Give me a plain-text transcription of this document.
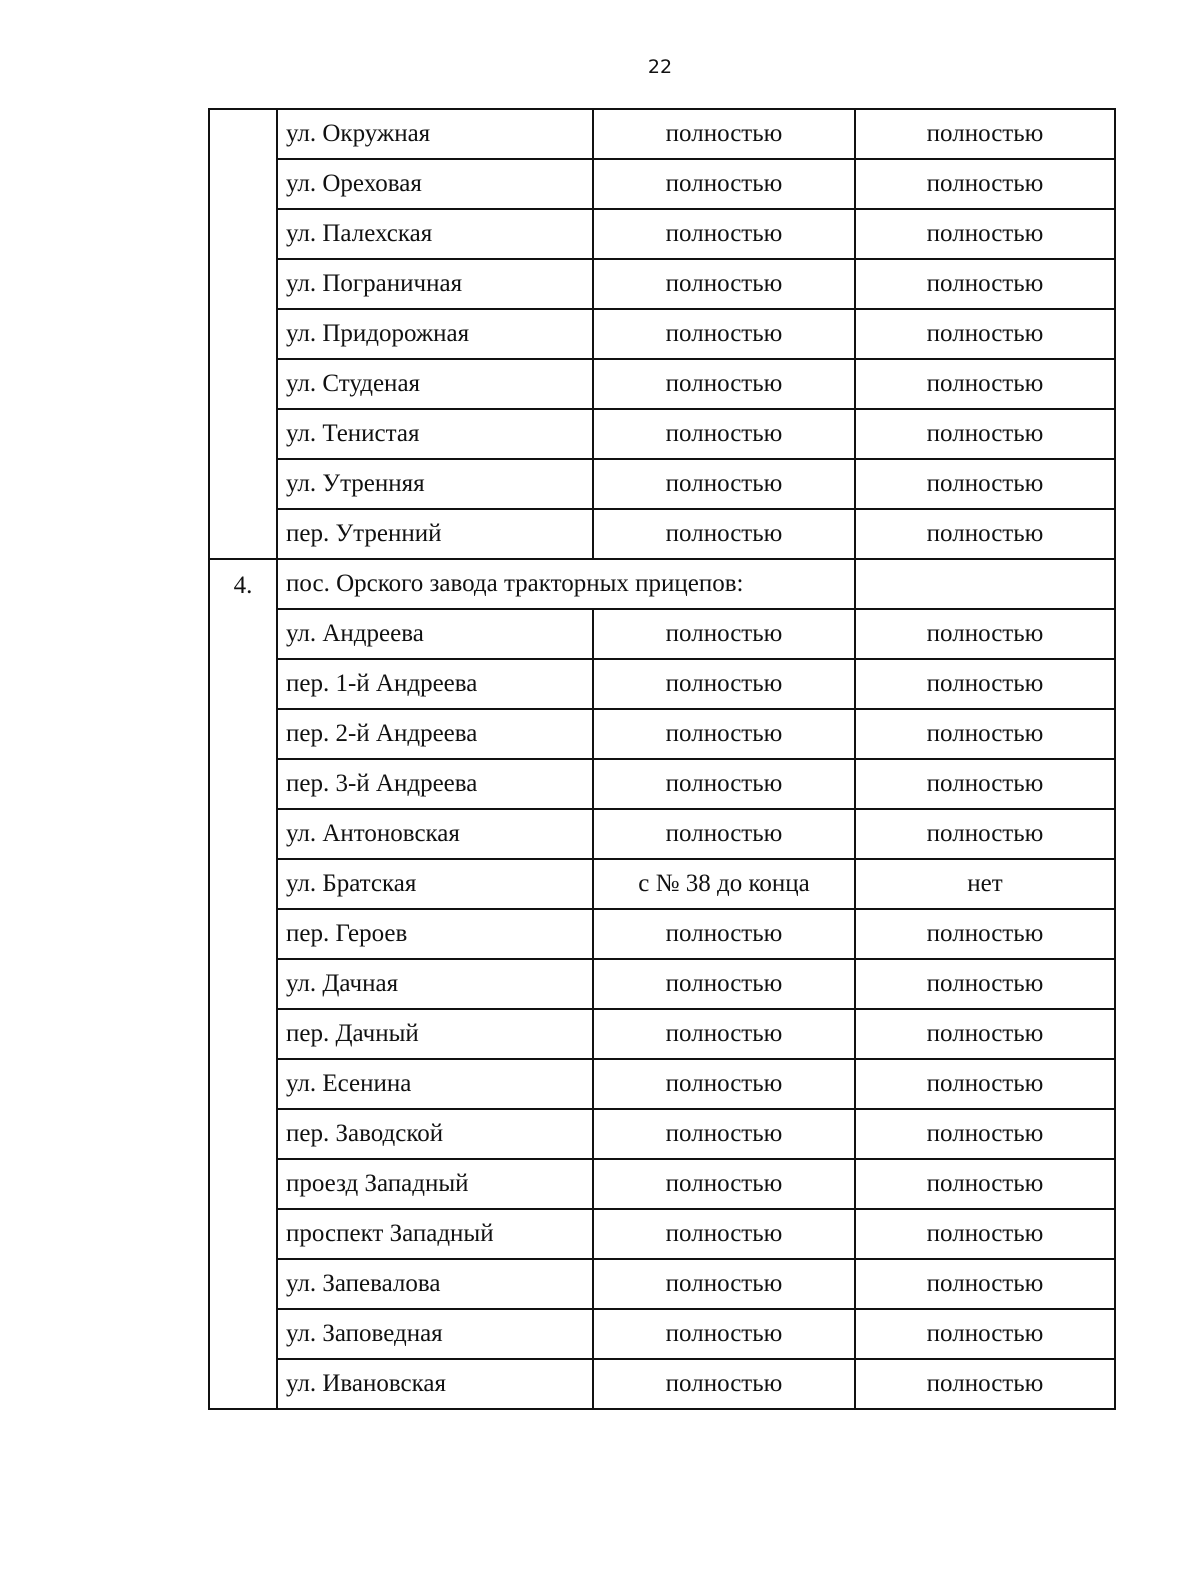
22
	ул. Окружная	полностью	полностью
	ул. Ореховая	полностью	полностью
	ул. Палехская	полностью	полностью
	ул. Пограничная	полностью	полностью
	ул. Придорожная	полностью	полностью
	ул. Студеная	полностью	полностью
	ул. Тенистая	полностью	полностью
	ул. Утренняя	полностью	полностью
	пер. Утренний	полностью	полностью
4.	пос. Орского завода тракторных прицепов:		
	ул. Андреева	полностью	полностью
	пер. 1-й Андреева	полностью	полностью
	пер. 2-й Андреева	полностью	полностью
	пер. 3-й Андреева	полностью	полностью
	ул. Антоновская	полностью	полностью
	ул. Братская	с № 38 до конца	нет
	пер. Героев	полностью	полностью
	ул. Дачная	полностью	полностью
	пер. Дачный	полностью	полностью
	ул. Есенина	полностью	полностью
	пер. Заводской	полностью	полностью
	проезд Западный	полностью	полностью
	проспект Западный	полностью	полностью
	ул. Запевалова	полностью	полностью
	ул. Заповедная	полностью	полностью
	ул. Ивановская	полностью	полностью
